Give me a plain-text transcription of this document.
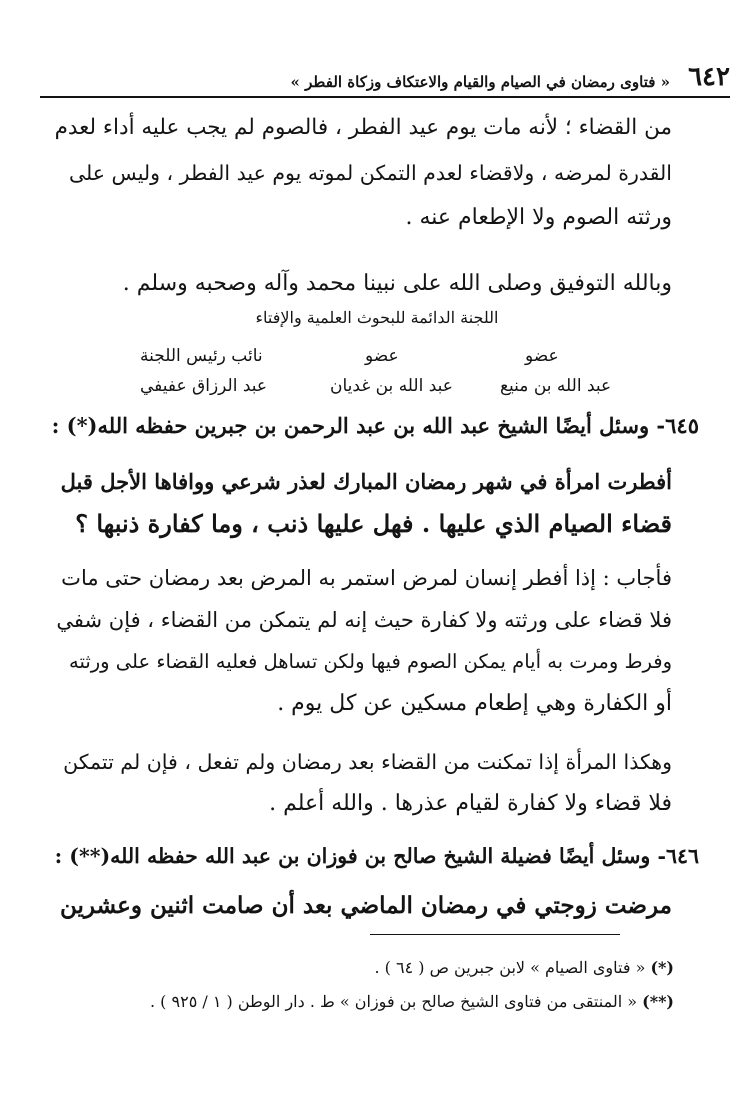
٦٤٢
« فتاوى رمضان في الصيام والقيام والاعتكاف وزكاة الفطر »
من القضاء ؛ لأنه مات يوم عيد الفطر ، فالصوم لم يجب عليه أداء لعدم
القدرة لمرضه ، ولاقضاء لعدم التمكن لموته يوم عيد الفطر ، وليس على
ورثته الصوم ولا الإطعام عنه .
وبالله التوفيق وصلى الله على نبينا محمد وآله وصحبه وسلم .
اللجنة الدائمة للبحوث العلمية والإفتاء
نائب رئيس اللجنة	عضو	عضو
عبد الرزاق عفيفي	عبد الله بن غديان	عبد الله بن منيع
٦٤٥- وسئل أيضًا الشيخ عبد الله بن عبد الرحمن بن جبرين حفظه الله(*) :
أفطرت امرأة في شهر رمضان المبارك لعذر شرعي ووافاها الأجل قبل
قضاء الصيام الذي عليها . فهل عليها ذنب ، وما كفارة ذنبها ؟
فأجاب : إذا أفطر إنسان لمرض استمر به المرض بعد رمضان حتى مات
فلا قضاء على ورثته ولا كفارة حيث إنه لم يتمكن من القضاء ، فإن شفي
وفرط ومرت به أيام يمكن الصوم فيها ولكن تساهل فعليه القضاء على ورثته
أو الكفارة وهي إطعام مسكين عن كل يوم .
وهكذا المرأة إذا تمكنت من القضاء بعد رمضان ولم تفعل ، فإن لم تتمكن
فلا قضاء ولا كفارة لقيام عذرها . والله أعلم .
٦٤٦- وسئل أيضًا فضيلة الشيخ صالح بن فوزان بن عبد الله حفظه الله(**) :
مرضت زوجتي في رمضان الماضي بعد أن صامت اثنين وعشرين
(*) « فتاوى الصيام » لابن جبرين ص ( ٦٤ ) .
(**) « المنتقى من فتاوى الشيخ صالح بن فوزان » ط . دار الوطن ( ١ / ٩٢٥ ) .
